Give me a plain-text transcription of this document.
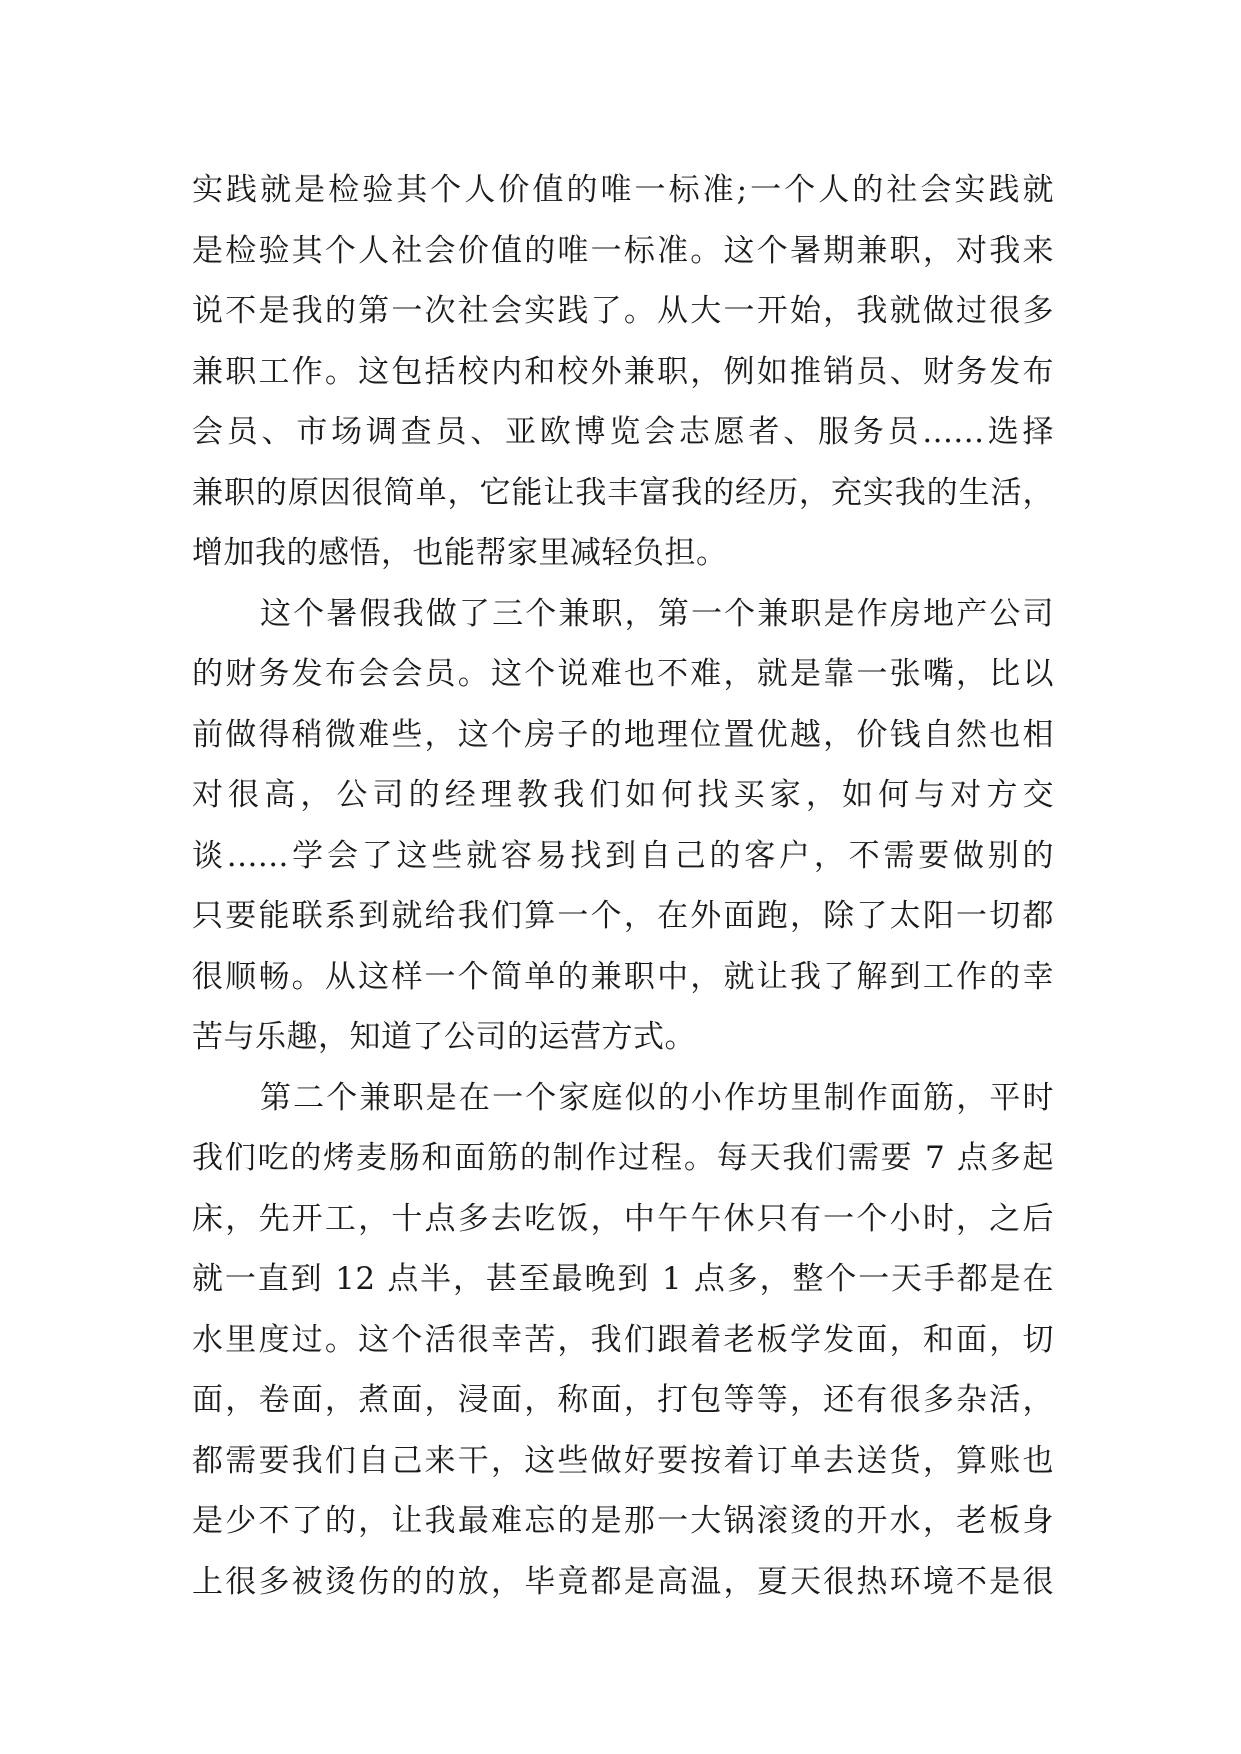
实践就是检验其个人价值的唯一标准;一个人的社会实践就
是检验其个人社会价值的唯一标准。这个暑期兼职，对我来
说不是我的第一次社会实践了。从大一开始，我就做过很多
兼职工作。这包括校内和校外兼职，例如推销员、财务发布
会员、市场调查员、亚欧博览会志愿者、服务员......选择
兼职的原因很简单，它能让我丰富我的经历，充实我的生活，
增加我的感悟，也能帮家里减轻负担。
这个暑假我做了三个兼职，第一个兼职是作房地产公司
的财务发布会会员。这个说难也不难，就是靠一张嘴，比以
前做得稍微难些，这个房子的地理位置优越，价钱自然也相
对很高，公司的经理教我们如何找买家，如何与对方交
谈......学会了这些就容易找到自己的客户，不需要做别的
只要能联系到就给我们算一个，在外面跑，除了太阳一切都
很顺畅。从这样一个简单的兼职中，就让我了解到工作的幸
苦与乐趣，知道了公司的运营方式。
第二个兼职是在一个家庭似的小作坊里制作面筋，平时
我们吃的烤麦肠和面筋的制作过程。每天我们需要 7 点多起
床，先开工，十点多去吃饭，中午午休只有一个小时，之后
就一直到 12 点半，甚至最晚到 1 点多，整个一天手都是在
水里度过。这个活很幸苦，我们跟着老板学发面，和面，切
面，卷面，煮面，浸面，称面，打包等等，还有很多杂活，
都需要我们自己来干，这些做好要按着订单去送货，算账也
是少不了的，让我最难忘的是那一大锅滚烫的开水，老板身
上很多被烫伤的的放，毕竟都是高温，夏天很热环境不是很
